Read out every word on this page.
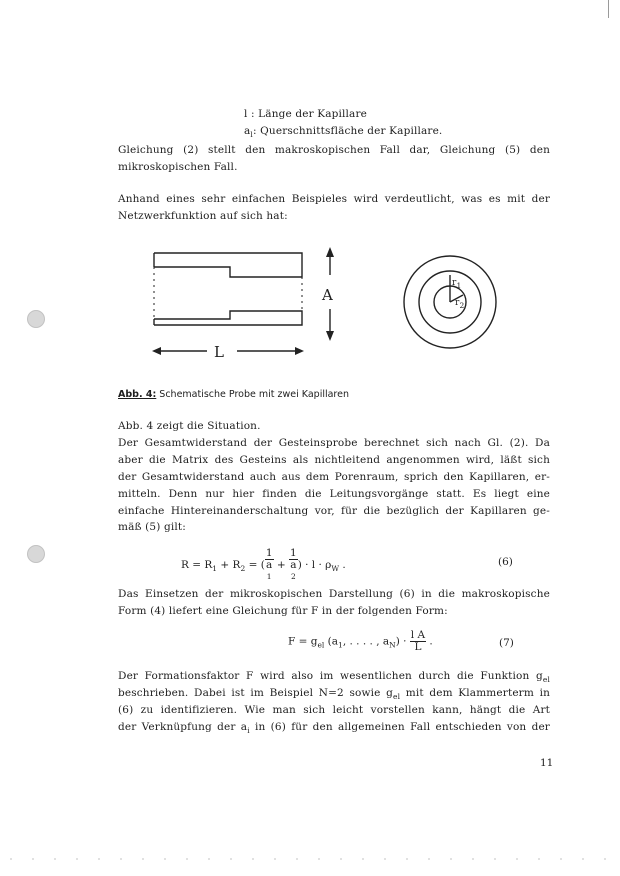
l : Länge der Kapillare
$a_l$: Querschnittsfläche der Kapillare.
Gleichung (2) stellt den makroskopischen Fall dar, Gleichung (5) den
mikroskopischen Fall.
Anhand eines sehr einfachen Beispieles wird verdeutlicht, was es mit der
Netzwerkfunktion auf sich hat:
A
L
$r_1$
$r_2$
Abb. 4: Schematische Probe mit zwei Kapillaren
Abb. 4 zeigt die Situation.
Der Gesamtwiderstand der Gesteinsprobe berechnet sich nach Gl. (2). Da
aber die Matrix des Gesteins als nichtleitend angenommen wird, läßt sich
der Gesamtwiderstand auch aus dem Porenraum, sprich den Kapillaren, er-
mitteln. Denn nur hier finden die Leitungsvorgänge statt. Es liegt eine
einfache Hintereinanderschaltung vor, für die bezüglich der Kapillaren ge-
mäß (5) gilt:
$R = R_1 + R_2$ = ( 1
a
1 + 1
a
2 ) · $l \cdot \rho_W$ .	(6)
Das Einsetzen der mikroskopischen Darstellung (6) in die makroskopische
Form (4) liefert eine Gleichung für F in der folgenden Form:
$F = g_{el}$ ($a_1$, . . . . , $a_N) \cdot \frac{\text{l A}}{L}$ .	(7)
Der Formationsfaktor F wird also im wesentlichen durch die Funktion $g_{el}$
beschrieben. Dabei ist im Beispiel N=2 sowie $g_{el}$ mit dem Klammerterm in
(6) zu identifizieren. Wie man sich leicht vorstellen kann, hängt die Art
der Verknüpfung der $a_i$ in (6) für den allgemeinen Fall entschieden von der
11
